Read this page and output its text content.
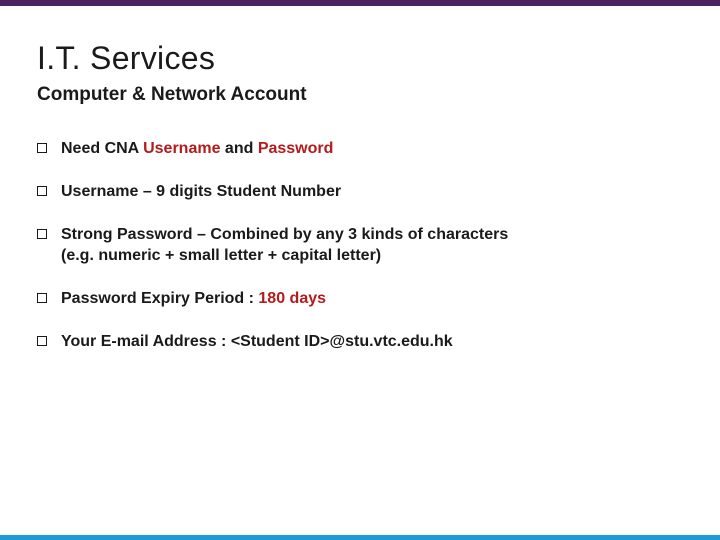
I.T. Services
Computer & Network Account
Need CNA Username and Password
Username – 9 digits Student Number
Strong Password – Combined by any 3 kinds of characters
(e.g. numeric + small letter + capital letter)
Password Expiry Period : 180 days
Your E-mail Address : <Student ID>@stu.vtc.edu.hk
